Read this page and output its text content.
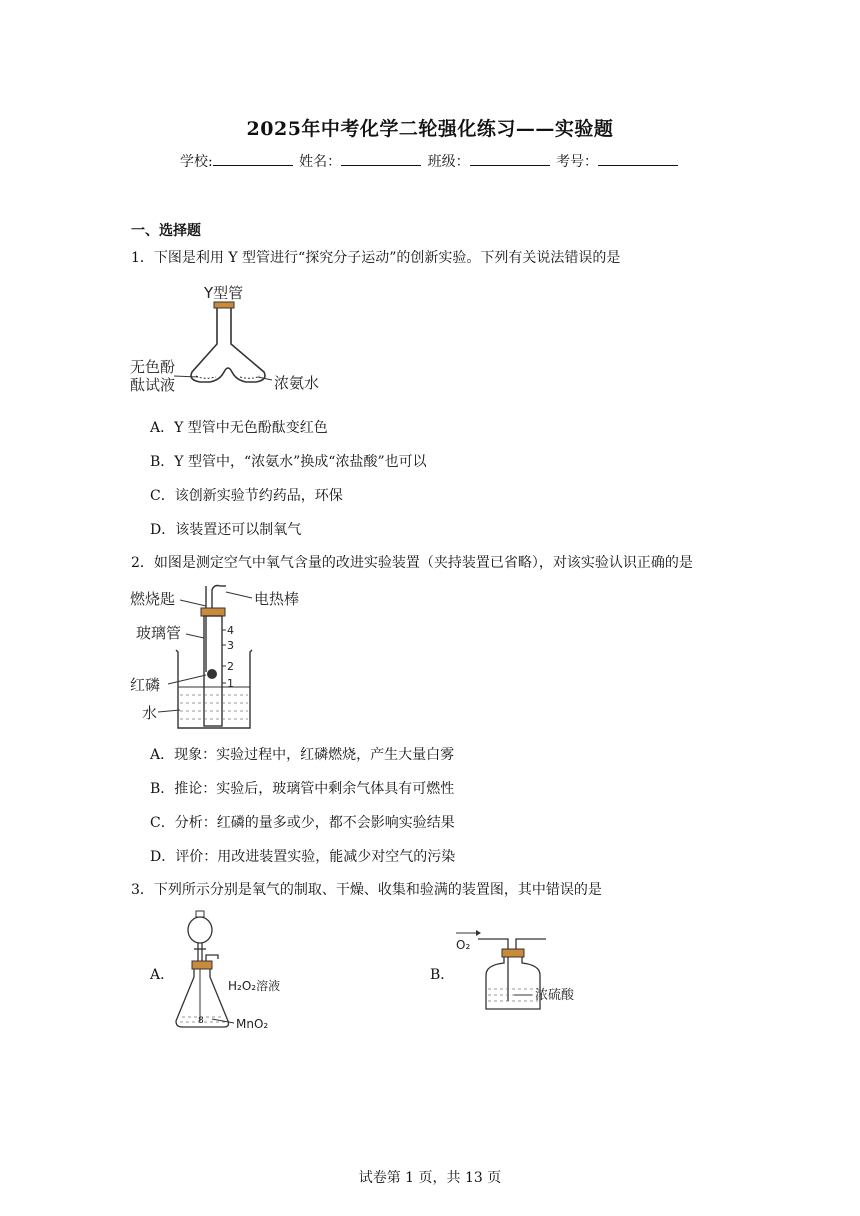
2025年中考化学二轮强化练习——实验题
学校:	姓名：	班级：	考号：
一、选择题
1．下图是利用 Y 型管进行“探究分子运动”的创新实验。下列有关说法错误的是
Y型管
无色酚
酞试液	浓氨水
A．Y 型管中无色酚酞变红色
B．Y 型管中，“浓氨水”换成“浓盐酸”也可以
C．该创新实验节约药品，环保
D．该装置还可以制氧气
2．如图是测定空气中氧气含量的改进实验装置（夹持装置已省略），对该实验认识正确的是
4
3
2
1
燃烧匙	电热棒
玻璃管
红磷
水
A．现象：实验过程中，红磷燃烧，产生大量白雾
B．推论：实验后，玻璃管中剩余气体具有可燃性
C．分析：红磷的量多或少，都不会影响实验结果
D．评价：用改进装置实验，能减少对空气的污染
3．下列所示分别是氧气的制取、干燥、收集和验满的装置图，其中错误的是
A．
8
H₂O₂溶液
MnO₂
B．
O₂
浓硫酸
试卷第 1 页，共 13 页
